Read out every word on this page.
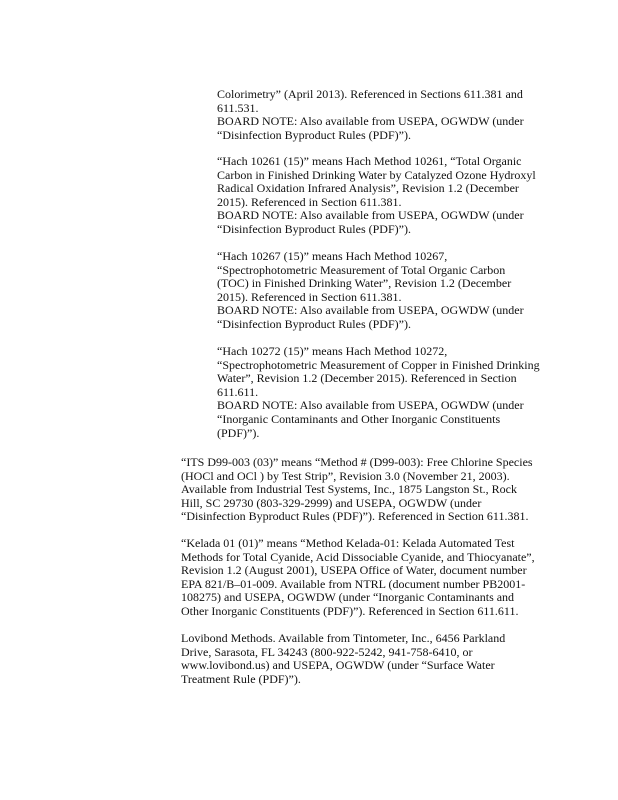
Colorimetry” (April 2013). Referenced in Sections 611.381 and
611.531.
BOARD NOTE: Also available from USEPA, OGWDW (under
“Disinfection Byproduct Rules (PDF)”).
“Hach 10261 (15)” means Hach Method 10261, “Total Organic
Carbon in Finished Drinking Water by Catalyzed Ozone Hydroxyl
Radical Oxidation Infrared Analysis”, Revision 1.2 (December
2015). Referenced in Section 611.381.
BOARD NOTE: Also available from USEPA, OGWDW (under
“Disinfection Byproduct Rules (PDF)”).
“Hach 10267 (15)” means Hach Method 10267,
“Spectrophotometric Measurement of Total Organic Carbon
(TOC) in Finished Drinking Water”, Revision 1.2 (December
2015). Referenced in Section 611.381.
BOARD NOTE: Also available from USEPA, OGWDW (under
“Disinfection Byproduct Rules (PDF)”).
“Hach 10272 (15)” means Hach Method 10272,
“Spectrophotometric Measurement of Copper in Finished Drinking
Water”, Revision 1.2 (December 2015). Referenced in Section
611.611.
BOARD NOTE: Also available from USEPA, OGWDW (under
“Inorganic Contaminants and Other Inorganic Constituents
(PDF)”).
“ITS D99-003 (03)” means “Method # (D99-003): Free Chlorine Species
(HOCl and OCl ) by Test Strip”, Revision 3.0 (November 21, 2003).
Available from Industrial Test Systems, Inc., 1875 Langston St., Rock
Hill, SC 29730 (803-329-2999) and USEPA, OGWDW (under
“Disinfection Byproduct Rules (PDF)”). Referenced in Section 611.381.
“Kelada 01 (01)” means “Method Kelada-01: Kelada Automated Test
Methods for Total Cyanide, Acid Dissociable Cyanide, and Thiocyanate”,
Revision 1.2 (August 2001), USEPA Office of Water, document number
EPA 821/B–01-009. Available from NTRL (document number PB2001-
108275) and USEPA, OGWDW (under “Inorganic Contaminants and
Other Inorganic Constituents (PDF)”). Referenced in Section 611.611.
Lovibond Methods. Available from Tintometer, Inc., 6456 Parkland
Drive, Sarasota, FL 34243 (800-922-5242, 941-758-6410, or
www.lovibond.us) and USEPA, OGWDW (under “Surface Water
Treatment Rule (PDF)”).
